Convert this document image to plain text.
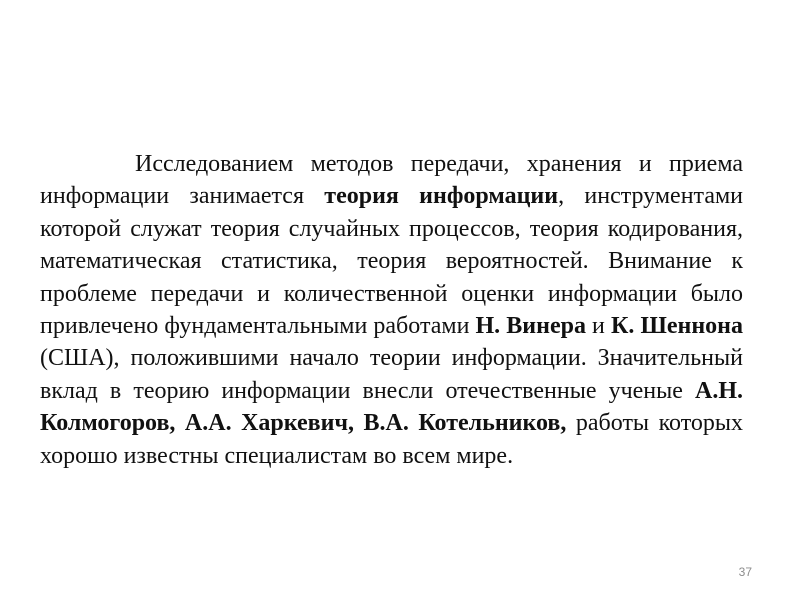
Исследованием методов передачи, хранения и приема информации занимается теория информации, инструментами которой служат теория случайных процессов, теория кодирования, математическая статистика, теория вероятностей. Внимание к проблеме передачи и количественной оценки информации было привлечено фундаментальными работами Н. Винера и К. Шеннона (США), положившими начало теории информации. Значительный вклад в теорию информации внесли отечественные ученые А.Н. Колмогоров, А.А. Харкевич, В.А. Котельников, работы которых хорошо известны специалистам во всем мире.

37
